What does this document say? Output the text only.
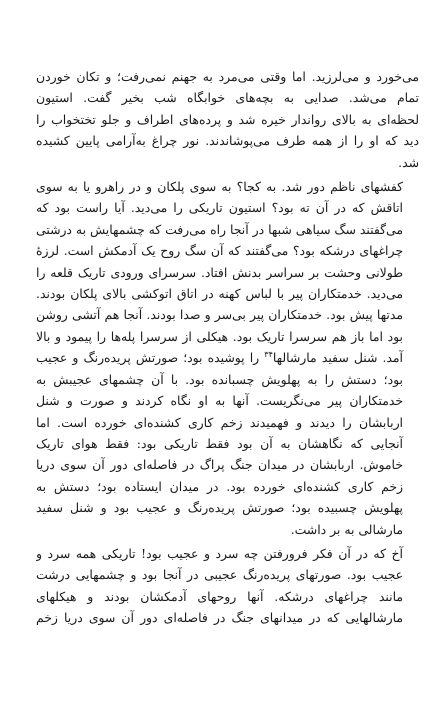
می‌خورد و می‌لرزید. اما وقتی می‌مرد به جهنم نمی‌رفت؛ و تکان خوردن
تمام می‌شد. صدایی به بچه‌های خوابگاه شب بخیر گفت. استیون
لحظه‌ای به بالای رواندار خیره شد و پرده‌های اطراف و جلو تختخواب را
دید که او را از همه طرف می‌پوشاندند. نور چراغ به‌آرامی پایین کشیده
شد.

کفشهای ناظم دور شد. به کجا؟ به سوی پلکان و در راهرو یا به سوی
اتاقش که در آن ته بود؟ استیون تاریکی را می‌دید. آیا راست بود که
می‌گفتند سگ سیاهی شبها در آنجا راه می‌رفت که چشمهایش به درشتی
چراغهای درشکه بود؟ می‌گفتند که آن سگ روح یک آدمکش است. لرزهٔ
طولانی وحشت بر سراسر بدنش افتاد. سرسرای ورودی تاریک قلعه را
می‌دید. خدمتکاران پیر با لباس کهنه در اتاق اتوکشی بالای پلکان بودند.
مدتها پیش بود. خدمتکاران پیر بی‌سر و صدا بودند. آنجا هم آتشی روشن
بود اما باز هم سرسرا تاریک بود. هیکلی از سرسرا پله‌ها را پیمود و بالا
آمد. شنل سفید مارشالها$^{۳۴}$ را پوشیده بود؛ صورتش پریده‌رنگ و عجیب
بود؛ دستش را به پهلویش چسبانده بود. با آن چشمهای عجیبش به
خدمتکاران پیر می‌نگریست. آنها به او نگاه کردند و صورت و شنل
اربابشان را دیدند و فهمیدند زخم کاری کشنده‌ای خورده است. اما
آنجایی که نگاهشان به آن بود فقط تاریکی بود: فقط هوای تاریک
خاموش. اربابشان در میدان جنگ پراگ در فاصله‌ای دور آن سوی دریا
زخم کاری کشنده‌ای خورده بود. در میدان ایستاده بود؛ دستش به
پهلویش چسبیده بود؛ صورتش پریده‌رنگ و عجیب بود و شنل سفید
مارشالی به بر داشت.

آخ که در آن فکر فرورفتن چه سرد و عجیب بود! تاریکی همه سرد و
عجیب بود. صورتهای پریده‌رنگ عجیبی در آنجا بود و چشمهایی درشت
مانند چراغهای درشکه. آنها روحهای آدمکشان بودند و هیکلهای
مارشالهایی که در میدانهای جنگ در فاصله‌ای دور آن سوی دریا زخم
